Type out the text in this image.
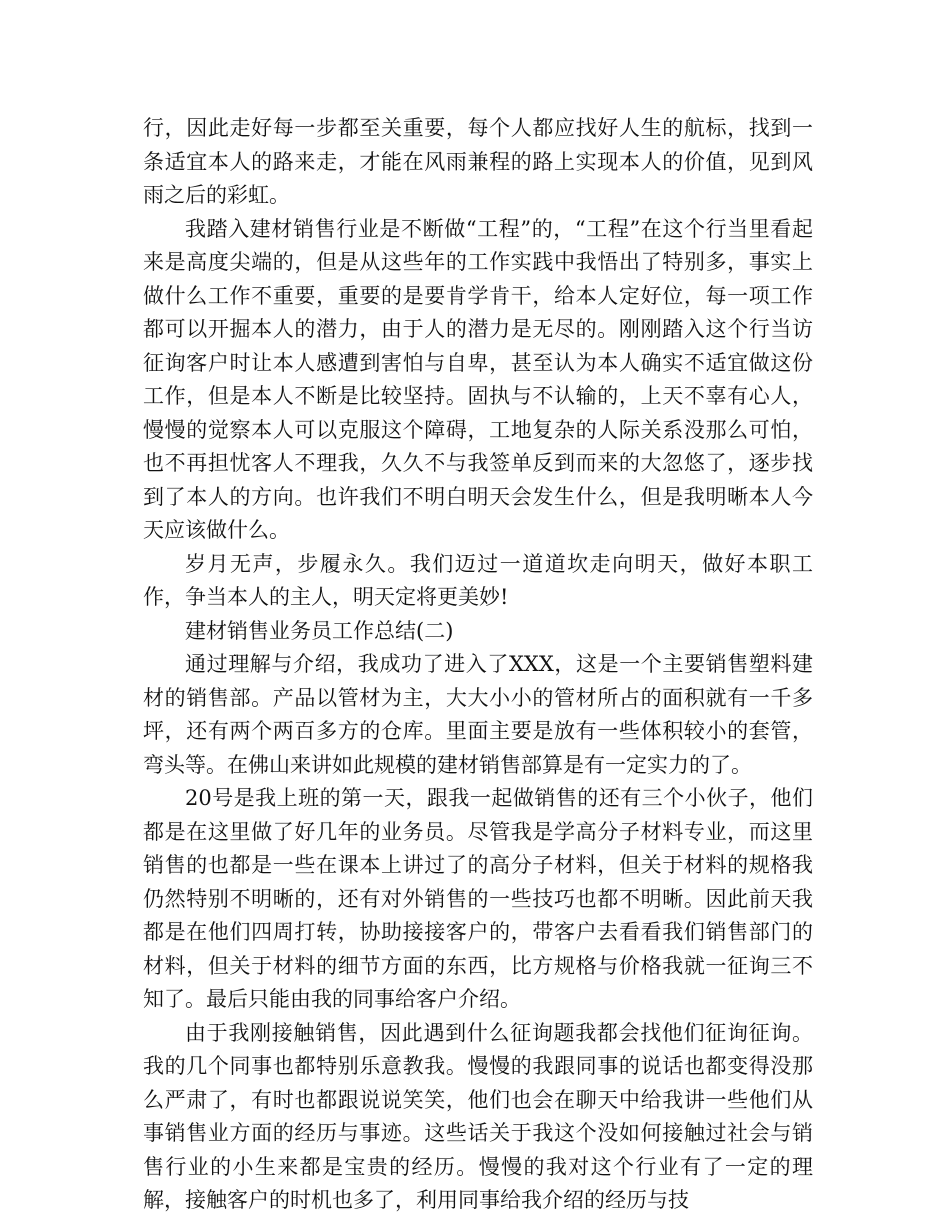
行，因此走好每一步都至关重要，每个人都应找好人生的航标，找到一条适宜本人的路来走，才能在风雨兼程的路上实现本人的价值，见到风雨之后的彩虹。

我踏入建材销售行业是不断做“工程”的，“工程”在这个行当里看起来是高度尖端的，但是从这些年的工作实践中我悟出了特别多，事实上做什么工作不重要，重要的是要肯学肯干，给本人定好位，每一项工作都可以开掘本人的潜力，由于人的潜力是无尽的。刚刚踏入这个行当访征询客户时让本人感遭到害怕与自卑，甚至认为本人确实不适宜做这份工作，但是本人不断是比较坚持。固执与不认输的，上天不辜有心人，慢慢的觉察本人可以克服这个障碍，工地复杂的人际关系没那么可怕，也不再担忧客人不理我，久久不与我签单反到而来的大忽悠了，逐步找到了本人的方向。也许我们不明白明天会发生什么，但是我明晰本人今天应该做什么。

岁月无声，步履永久。我们迈过一道道坎走向明天，做好本职工作，争当本人的主人，明天定将更美妙!

建材销售业务员工作总结(二)

通过理解与介绍，我成功了进入了XXX，这是一个主要销售塑料建材的销售部。产品以管材为主，大大小小的管材所占的面积就有一千多坪，还有两个两百多方的仓库。里面主要是放有一些体积较小的套管，弯头等。在佛山来讲如此规模的建材销售部算是有一定实力的了。

20号是我上班的第一天，跟我一起做销售的还有三个小伙子，他们都是在这里做了好几年的业务员。尽管我是学高分子材料专业，而这里销售的也都是一些在课本上讲过了的高分子材料，但关于材料的规格我仍然特别不明晰的，还有对外销售的一些技巧也都不明晰。因此前天我都是在他们四周打转，协助接接客户的，带客户去看看我们销售部门的材料，但关于材料的细节方面的东西，比方规格与价格我就一征询三不知了。最后只能由我的同事给客户介绍。

由于我刚接触销售，因此遇到什么征询题我都会找他们征询征询。我的几个同事也都特别乐意教我。慢慢的我跟同事的说话也都变得没那么严肃了，有时也都跟说说笑笑，他们也会在聊天中给我讲一些他们从事销售业方面的经历与事迹。这些话关于我这个没如何接触过社会与销售行业的小生来都是宝贵的经历。慢慢的我对这个行业有了一定的理解，接触客户的时机也多了，利用同事给我介绍的经历与技
